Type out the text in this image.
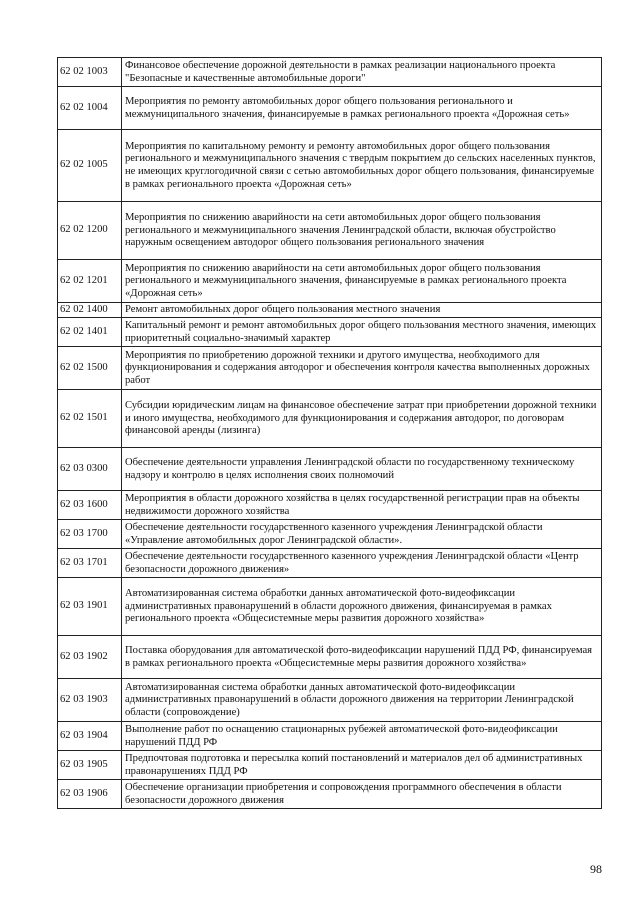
62 02 1003	Финансовое обеспечение дорожной деятельности в рамках реализации национального проекта "Безопасные и качественные автомобильные дороги"
62 02 1004	Мероприятия по ремонту автомобильных дорог общего пользования регионального и межмуниципального значения, финансируемые в рамках регионального проекта «Дорожная сеть»
62 02 1005	Мероприятия по капитальному ремонту и ремонту автомобильных дорог общего пользования регионального и межмуниципального значения с твердым покрытием до сельских населенных пунктов, не имеющих круглогодичной связи с сетью автомобильных дорог общего пользования, финансируемые в рамках регионального проекта «Дорожная сеть»
62 02 1200	Мероприятия по снижению аварийности на сети автомобильных дорог общего пользования регионального и межмуниципального значения Ленинградской области, включая обустройство наружным освещением автодорог общего пользования регионального значения
62 02 1201	Мероприятия по снижению аварийности на сети автомобильных дорог общего пользования регионального и межмуниципального значения, финансируемые в рамках регионального проекта «Дорожная сеть»
62 02 1400	Ремонт автомобильных дорог общего пользования местного значения
62 02 1401	Капитальный ремонт и ремонт автомобильных дорог общего пользования местного значения, имеющих приоритетный социально-значимый характер
62 02 1500	Мероприятия по приобретению дорожной техники и другого имущества, необходимого для функционирования и содержания автодорог и обеспечения контроля качества выполненных дорожных работ
62 02 1501	Субсидии юридическим лицам на финансовое обеспечение затрат при приобретении дорожной техники и иного имущества, необходимого для функционирования и содержания автодорог, по договорам финансовой аренды (лизинга)
62 03 0300	Обеспечение деятельности управления Ленинградской области по государственному техническому надзору и контролю в целях исполнения своих полномочий
62 03 1600	Мероприятия в области дорожного хозяйства в целях государственной регистрации прав на объекты недвижимости дорожного хозяйства
62 03 1700	Обеспечение деятельности государственного казенного учреждения Ленинградской области «Управление автомобильных дорог Ленинградской области».
62 03 1701	Обеспечение деятельности государственного казенного учреждения Ленинградской области «Центр безопасности дорожного движения»
62 03 1901	Автоматизированная система обработки данных автоматической фото-видеофиксации административных правонарушений в области дорожного движения, финансируемая в рамках регионального проекта «Общесистемные меры развития дорожного хозяйства»
62 03 1902	Поставка оборудования для автоматической фото-видеофиксации нарушений ПДД РФ, финансируемая в рамках регионального проекта «Общесистемные меры развития дорожного хозяйства»
62 03 1903	Автоматизированная система обработки данных автоматической фото-видеофиксации административных правонарушений в области дорожного движения на территории Ленинградской области (сопровождение)
62 03 1904	Выполнение работ по оснащению стационарных рубежей автоматической фото-видеофиксации нарушений ПДД РФ
62 03 1905	Предпочтовая подготовка и пересылка копий постановлений и материалов дел об административных правонарушениях ПДД РФ
62 03 1906	Обеспечение организации приобретения и сопровождения программного обеспечения в области безопасности дорожного движения
98
